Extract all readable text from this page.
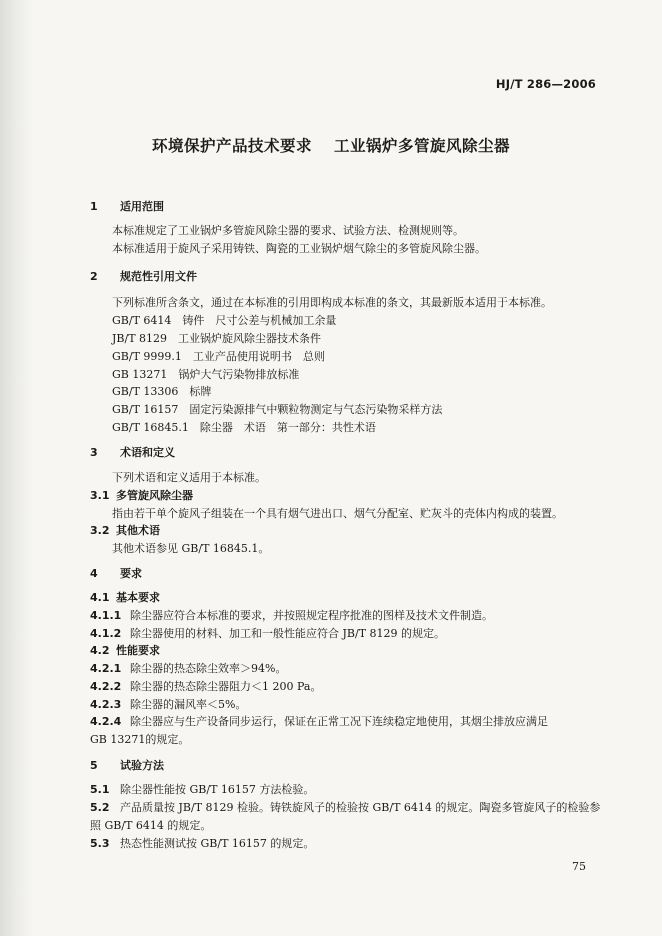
HJ/T 286—2006
环境保护产品技术要求 工业锅炉多管旋风除尘器
1 适用范围
本标准规定了工业锅炉多管旋风除尘器的要求、试验方法、检测规则等。
本标准适用于旋风子采用铸铁、陶瓷的工业锅炉烟气除尘的多管旋风除尘器。
2 规范性引用文件
下列标准所含条文，通过在本标准的引用即构成本标准的条文，其最新版本适用于本标准。
GB/T 6414　铸件　尺寸公差与机械加工余量
JB/T 8129　工业锅炉旋风除尘器技术条件
GB/T 9999.1　工业产品使用说明书　总则
GB 13271　锅炉大气污染物排放标准
GB/T 13306　标牌
GB/T 16157　固定污染源排气中颗粒物测定与气态污染物采样方法
GB/T 16845.1　除尘器　术语　第一部分：共性术语
3 术语和定义
下列术语和定义适用于本标准。
3.1 多管旋风除尘器
指由若干单个旋风子组装在一个具有烟气进出口、烟气分配室、贮灰斗的壳体内构成的装置。
3.2 其他术语
其他术语参见 GB/T 16845.1。
4 要求
4.1 基本要求
4.1.1 除尘器应符合本标准的要求，并按照规定程序批准的图样及技术文件制造。
4.1.2 除尘器使用的材料、加工和一般性能应符合 JB/T 8129 的规定。
4.2 性能要求
4.2.1 除尘器的热态除尘效率＞94%。
4.2.2 除尘器的热态除尘器阻力＜1 200 Pa。
4.2.3 除尘器的漏风率＜5%。
4.2.4 除尘器应与生产设备同步运行，保证在正常工况下连续稳定地使用，其烟尘排放应满足
GB 13271的规定。
5 试验方法
5.1 除尘器性能按 GB/T 16157 方法检验。
5.2 产品质量按 JB/T 8129 检验。铸铁旋风子的检验按 GB/T 6414 的规定。陶瓷多管旋风子的检验参
照 GB/T 6414 的规定。
5.3 热态性能测试按 GB/T 16157 的规定。
75
